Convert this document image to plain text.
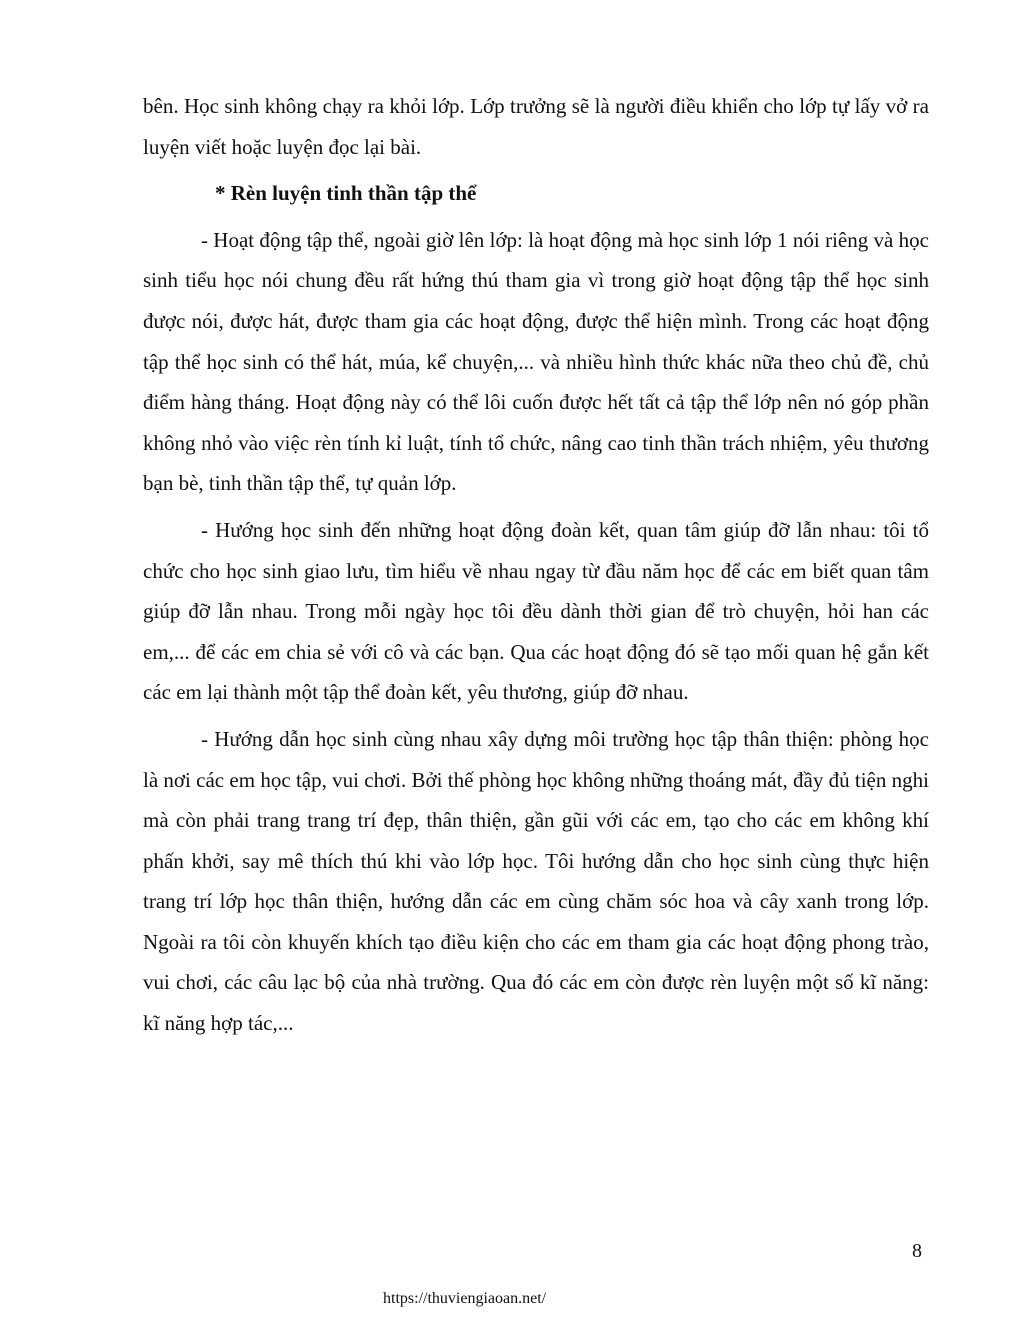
bên. Học sinh không chạy ra khỏi lớp. Lớp trưởng sẽ là người điều khiển cho lớp tự lấy vở ra luyện viết hoặc luyện đọc lại bài.

* Rèn luyện tinh thần tập thể

- Hoạt động tập thể, ngoài giờ lên lớp: là hoạt động mà học sinh lớp 1 nói riêng và học sinh tiểu học nói chung đều rất hứng thú tham gia vì trong giờ hoạt động tập thể học sinh được nói, được hát, được tham gia các hoạt động, được thể hiện mình. Trong các hoạt động tập thể học sinh có thể hát, múa, kể chuyện,... và nhiều hình thức khác nữa theo chủ đề, chủ điểm hàng tháng. Hoạt động này có thể lôi cuốn được hết tất cả tập thể lớp nên nó góp phần không nhỏ vào việc rèn tính kỉ luật, tính tổ chức, nâng cao tinh thần trách nhiệm, yêu thương bạn bè, tinh thần tập thể, tự quản lớp.

- Hướng học sinh đến những hoạt động đoàn kết, quan tâm giúp đỡ lẫn nhau: tôi tổ chức cho học sinh giao lưu, tìm hiểu về nhau ngay từ đầu năm học để các em biết quan tâm giúp đỡ lẫn nhau. Trong mỗi ngày học tôi đều dành thời gian để trò chuyện, hỏi han các em,... để các em chia sẻ với cô và các bạn. Qua các hoạt động đó sẽ tạo mối quan hệ gắn kết các em lại thành một tập thể đoàn kết, yêu thương, giúp đỡ nhau.

- Hướng dẫn học sinh cùng nhau xây dựng môi trường học tập thân thiện: phòng học là nơi các em học tập, vui chơi. Bởi thế phòng học không những thoáng mát, đầy đủ tiện nghi mà còn phải trang trang trí đẹp, thân thiện, gần gũi với các em, tạo cho các em không khí phấn khởi, say mê thích thú khi vào lớp học. Tôi hướng dẫn cho học sinh cùng thực hiện trang trí lớp học thân thiện, hướng dẫn các em cùng chăm sóc hoa và cây xanh trong lớp. Ngoài ra tôi còn khuyến khích tạo điều kiện cho các em tham gia các hoạt động phong trào, vui chơi, các câu lạc bộ của nhà trường. Qua đó các em còn được rèn luyện một số kĩ năng: kĩ năng hợp tác,...

8
https://thuviengiaoan.net/
